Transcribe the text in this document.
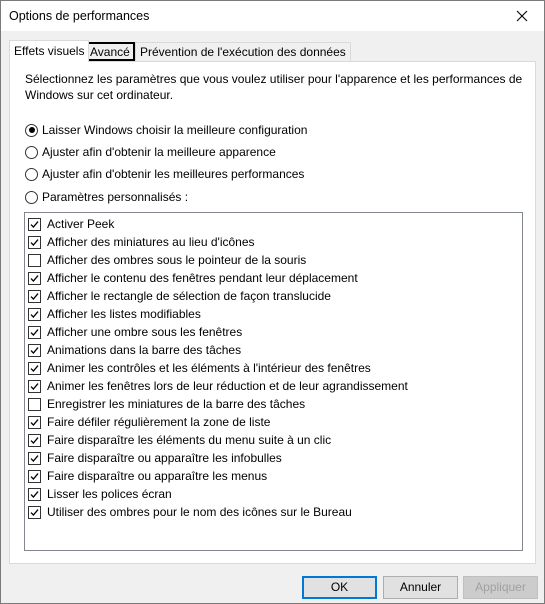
Options de performances
Effets visuels Avancé Prévention de l'exécution des données
Sélectionnez les paramètres que vous voulez utiliser pour l'apparence et les performances de Windows sur cet ordinateur.
Laisser Windows choisir la meilleure configuration
Ajuster afin d'obtenir la meilleure apparence
Ajuster afin d'obtenir les meilleures performances
Paramètres personnalisés :
Activer Peek
Afficher des miniatures au lieu d'icônes
Afficher des ombres sous le pointeur de la souris
Afficher le contenu des fenêtres pendant leur déplacement
Afficher le rectangle de sélection de façon translucide
Afficher les listes modifiables
Afficher une ombre sous les fenêtres
Animations dans la barre des tâches
Animer les contrôles et les éléments à l'intérieur des fenêtres
Animer les fenêtres lors de leur réduction et de leur agrandissement
Enregistrer les miniatures de la barre des tâches
Faire défiler régulièrement la zone de liste
Faire disparaître les éléments du menu suite à un clic
Faire disparaître ou apparaître les infobulles
Faire disparaître ou apparaître les menus
Lisser les polices écran
Utiliser des ombres pour le nom des icônes sur le Bureau
OK	Annuler	Appliquer
